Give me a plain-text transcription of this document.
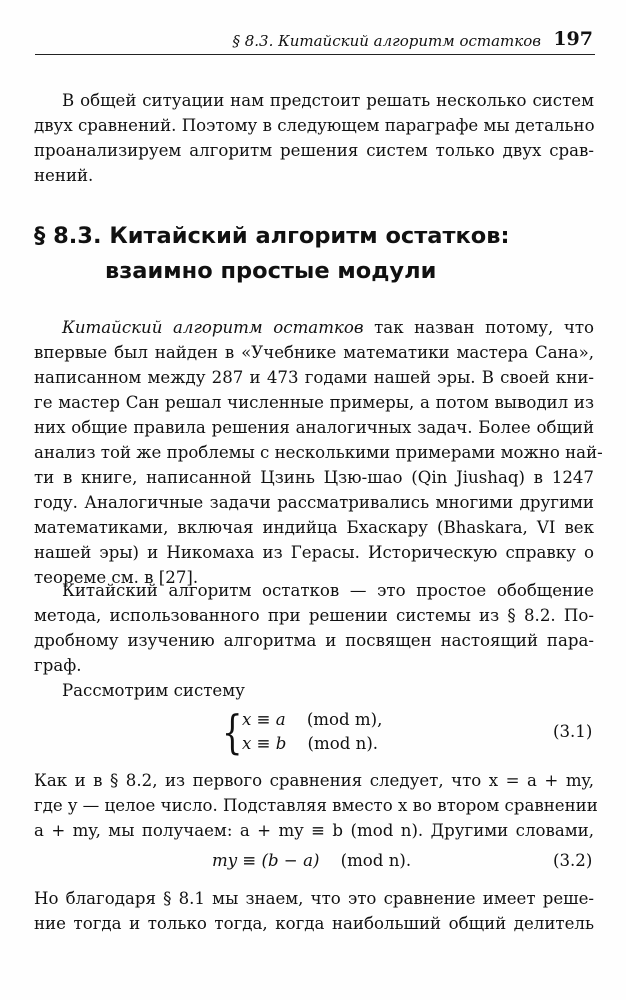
§ 8.3. Китайский алгоритм остатков 197
В общей ситуации нам предстоит решать несколько систем
двух сравнений. Поэтому в следующем параграфе мы детально
проанализируем алгоритм решения систем только двух срав-
нений.
§ 8.3. Китайский алгоритм остатков:
взаимно простые модули
Китайский алгоритм остатков так назван потому, что
впервые был найден в «Учебнике математики мастера Сана»,
написанном между 287 и 473 годами нашей эры. В своей кни-
ге мастер Сан решал численные примеры, а потом выводил из
них общие правила решения аналогичных задач. Более общий
анализ той же проблемы с несколькими примерами можно най-
ти в книге, написанной Цзинь Цзю-шао (Qin Jiushaq) в 1247
году. Аналогичные задачи рассматривались многими другими
математиками, включая индийца Бхаскару (Bhaskara, VI век
нашей эры) и Никомаха из Герасы. Историческую справку о
теореме см. в [27].
Китайский алгоритм остатков — это простое обобщение
метода, использованного при решении системы из § 8.2. По-
дробному изучению алгоритма и посвящен настоящий пара-
граф.
Рассмотрим систему
{ x ≡ a (mod m),
x ≡ b (mod n).
(3.1)
Как и в § 8.2, из первого сравнения следует, что x = a + my,
где y — целое число. Подставляя вместо x во втором сравнении
a + my, мы получаем: a + my ≡ b (mod n). Другими словами,
my ≡ (b − a) (mod n).	(3.2)
Но благодаря § 8.1 мы знаем, что это сравнение имеет реше-
ние тогда и только тогда, когда наибольший общий делитель
